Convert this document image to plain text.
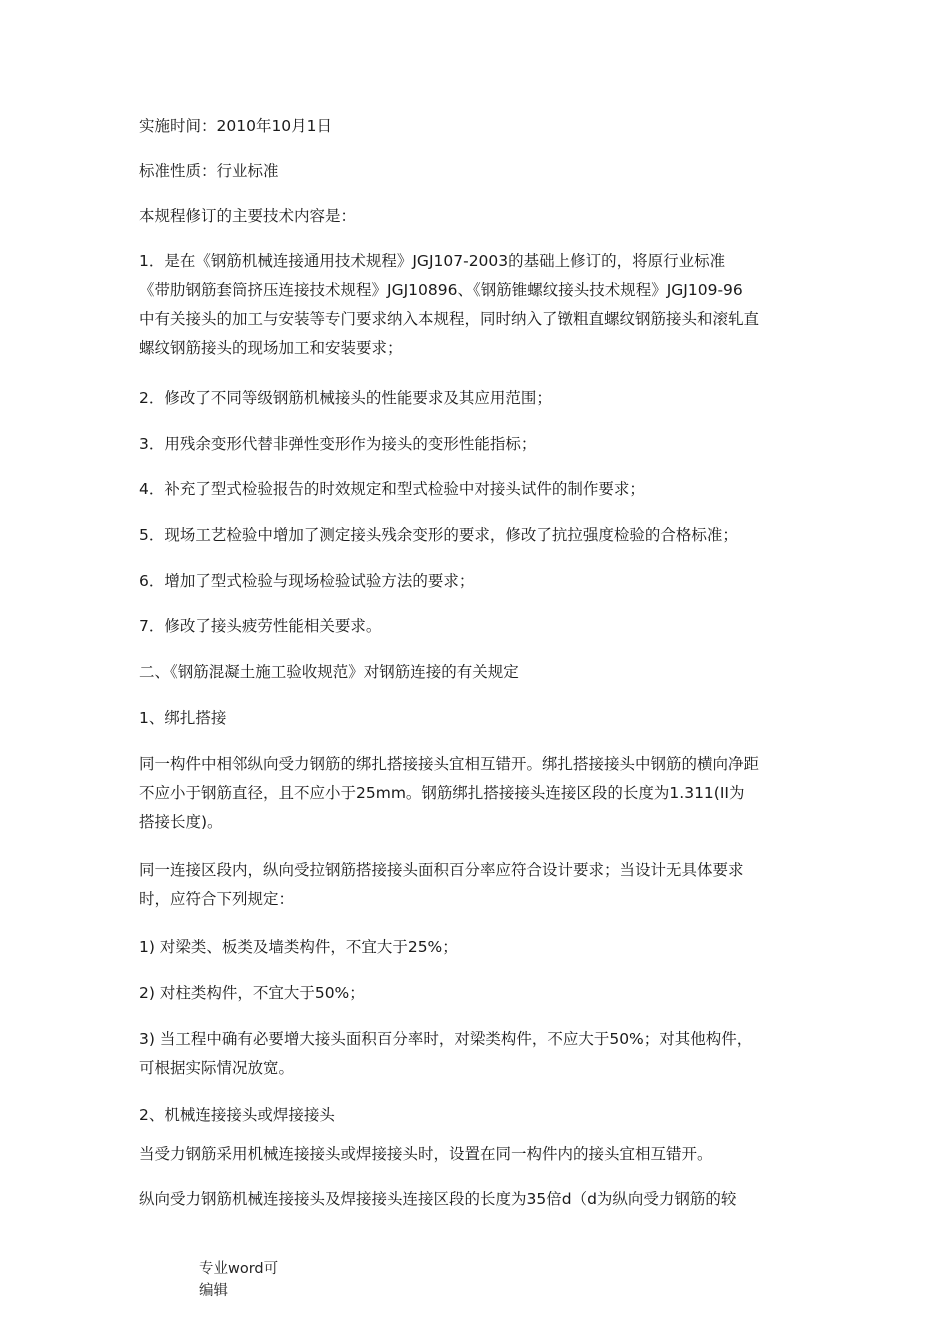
实施时间：2010年10月1日

标准性质：行业标准

本规程修订的主要技术内容是：

1．是在《钢筋机械连接通用技术规程》JGJ107-2003的基础上修订的，将原行业标准
《带肋钢筋套筒挤压连接技术规程》JGJ10896、《钢筋锥螺纹接头技术规程》JGJ109-96
中有关接头的加工与安装等专门要求纳入本规程，同时纳入了镦粗直螺纹钢筋接头和滚轧直
螺纹钢筋接头的现场加工和安装要求；

2．修改了不同等级钢筋机械接头的性能要求及其应用范围；

3．用残余变形代替非弹性变形作为接头的变形性能指标；

4．补充了型式检验报告的时效规定和型式检验中对接头试件的制作要求；

5．现场工艺检验中增加了测定接头残余变形的要求，修改了抗拉强度检验的合格标准；

6．增加了型式检验与现场检验试验方法的要求；

7．修改了接头疲劳性能相关要求。

二、《钢筋混凝土施工验收规范》对钢筋连接的有关规定

1、绑扎搭接

同一构件中相邻纵向受力钢筋的绑扎搭接接头宜相互错开。绑扎搭接接头中钢筋的横向净距
不应小于钢筋直径，且不应小于25mm。钢筋绑扎搭接接头连接区段的长度为1.311(II为
搭接长度)。

同一连接区段内，纵向受拉钢筋搭接接头面积百分率应符合设计要求；当设计无具体要求
时，应符合下列规定：

1) 对梁类、板类及墙类构件，不宜大于25%；

2) 对柱类构件，不宜大于50%；

3) 当工程中确有必要增大接头面积百分率时，对梁类构件，不应大于50%；对其他构件，
可根据实际情况放宽。

2、机械连接接头或焊接接头

当受力钢筋采用机械连接接头或焊接接头时，设置在同一构件内的接头宜相互错开。

纵向受力钢筋机械连接接头及焊接接头连接区段的长度为35倍d（d为纵向受力钢筋的较

专业word可
编辑
